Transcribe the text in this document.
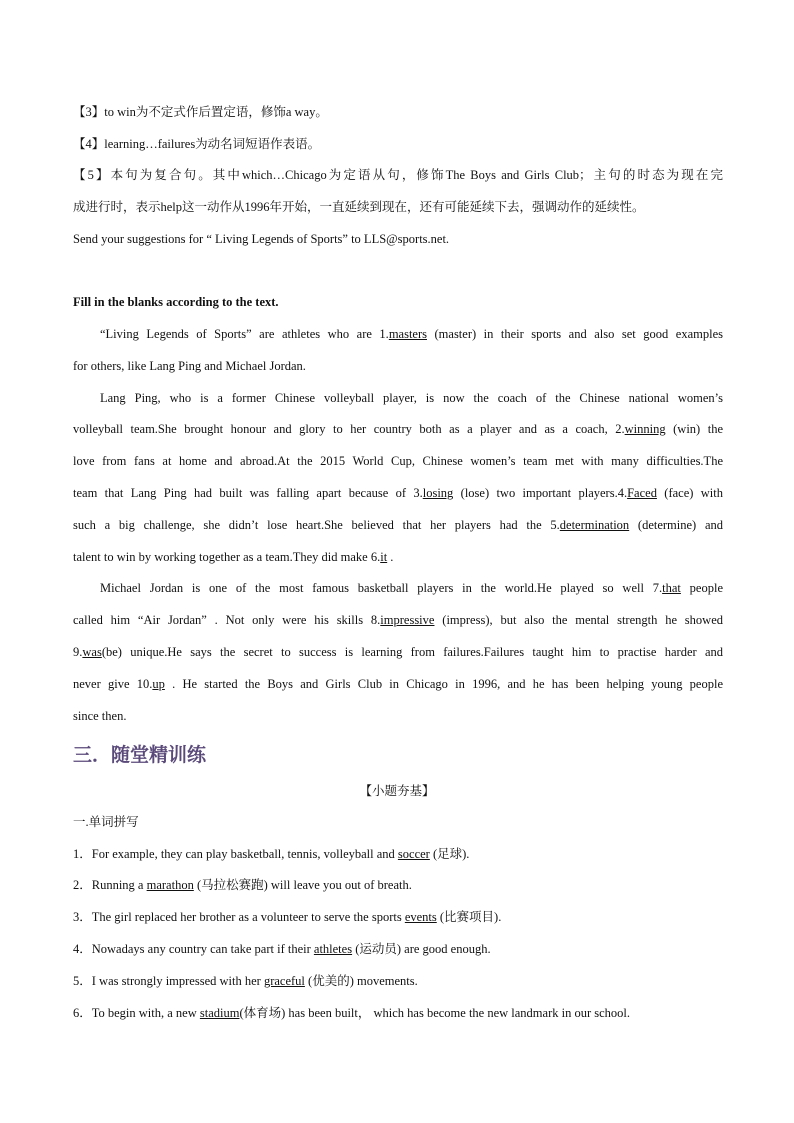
【3】to win为不定式作后置定语，修饰a way。
【4】learning…failures为动名词短语作表语。
【5】本句为复合句。其中which…Chicago为定语从句，修饰The Boys and Girls Club；主句的时态为现在完
成进行时，表示help这一动作从1996年开始，一直延续到现在，还有可能延续下去，强调动作的延续性。
Send your suggestions for “ Living Legends of Sports” to LLS@sports.net.
Fill in the blanks according to the text.
“Living Legends of Sports” are athletes who are 1.masters (master) in their sports and also set good examples
for others, like Lang Ping and Michael Jordan.
Lang Ping, who is a former Chinese volleyball player, is now the coach of the Chinese national women’s
volleyball team.She brought honour and glory to her country both as a player and as a coach, 2.winning (win) the
love from fans at home and abroad.At the 2015 World Cup, Chinese women’s team met with many difficulties.The
team that Lang Ping had built was falling apart because of 3.losing (lose) two important players.4.Faced (face) with
such a big challenge, she didn’t lose heart.She believed that her players had the 5.determination (determine) and
talent to win by working together as a team.They did make 6.it .
Michael Jordan is one of the most famous basketball players in the world.He played so well 7.that people
called him “Air Jordan” . Not only were his skills 8.impressive (impress), but also the mental strength he showed
9.was(be) unique.He says the secret to success is learning from failures.Failures taught him to practise harder and
never give 10.up . He started the Boys and Girls Club in Chicago in 1996, and he has been helping young people
since then.
三．随堂精训练
【小题夯基】
一.单词拼写
1．For example, they can play basketball, tennis, volleyball and soccer (足球).
2．Running a marathon (马拉松赛跑) will leave you out of breath.
3．The girl replaced her brother as a volunteer to serve the sports events (比赛项目).
4．Nowadays any country can take part if their athletes (运动员) are good enough.
5．I was strongly impressed with her graceful (优美的) movements.
6．To begin with, a new stadium(体育场) has been built， which has become the new landmark in our school.
